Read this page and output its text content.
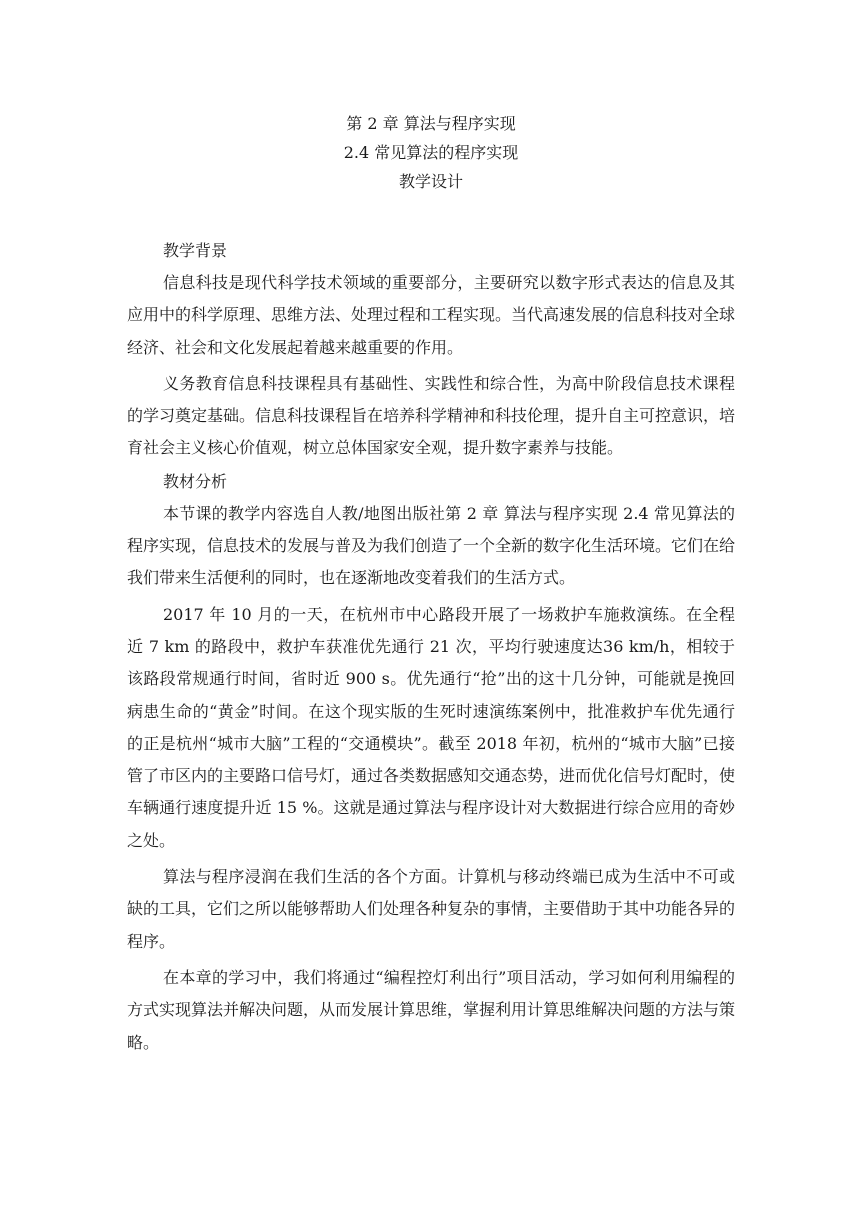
第 2 章 算法与程序实现

2.4 常见算法的程序实现

教学设计

教学背景

信息科技是现代科学技术领域的重要部分，主要研究以数字形式表达的信息及其应用中的科学原理、思维方法、处理过程和工程实现。当代高速发展的信息科技对全球经济、社会和文化发展起着越来越重要的作用。

义务教育信息科技课程具有基础性、实践性和综合性，为高中阶段信息技术课程的学习奠定基础。信息科技课程旨在培养科学精神和科技伦理，提升自主可控意识，培育社会主义核心价值观，树立总体国家安全观，提升数字素养与技能。

教材分析

本节课的教学内容选自人教/地图出版社第 2 章 算法与程序实现 2.4 常见算法的程序实现，信息技术的发展与普及为我们创造了一个全新的数字化生活环境。它们在给我们带来生活便利的同时，也在逐渐地改变着我们的生活方式。

2017 年 10 月的一天，在杭州市中心路段开展了一场救护车施救演练。在全程近 7 km 的路段中，救护车获准优先通行 21 次，平均行驶速度达36 km/h，相较于该路段常规通行时间，省时近 900 s。优先通行“抢”出的这十几分钟，可能就是挽回病患生命的“黄金”时间。在这个现实版的生死时速演练案例中，批准救护车优先通行的正是杭州“城市大脑”工程的“交通模块”。截至 2018 年初，杭州的“城市大脑”已接管了市区内的主要路口信号灯，通过各类数据感知交通态势，进而优化信号灯配时，使车辆通行速度提升近 15 %。这就是通过算法与程序设计对大数据进行综合应用的奇妙之处。

算法与程序浸润在我们生活的各个方面。计算机与移动终端已成为生活中不可或缺的工具，它们之所以能够帮助人们处理各种复杂的事情，主要借助于其中功能各异的程序。

在本章的学习中，我们将通过“编程控灯利出行”项目活动，学习如何利用编程的方式实现算法并解决问题，从而发展计算思维，掌握利用计算思维解决问题的方法与策略。
